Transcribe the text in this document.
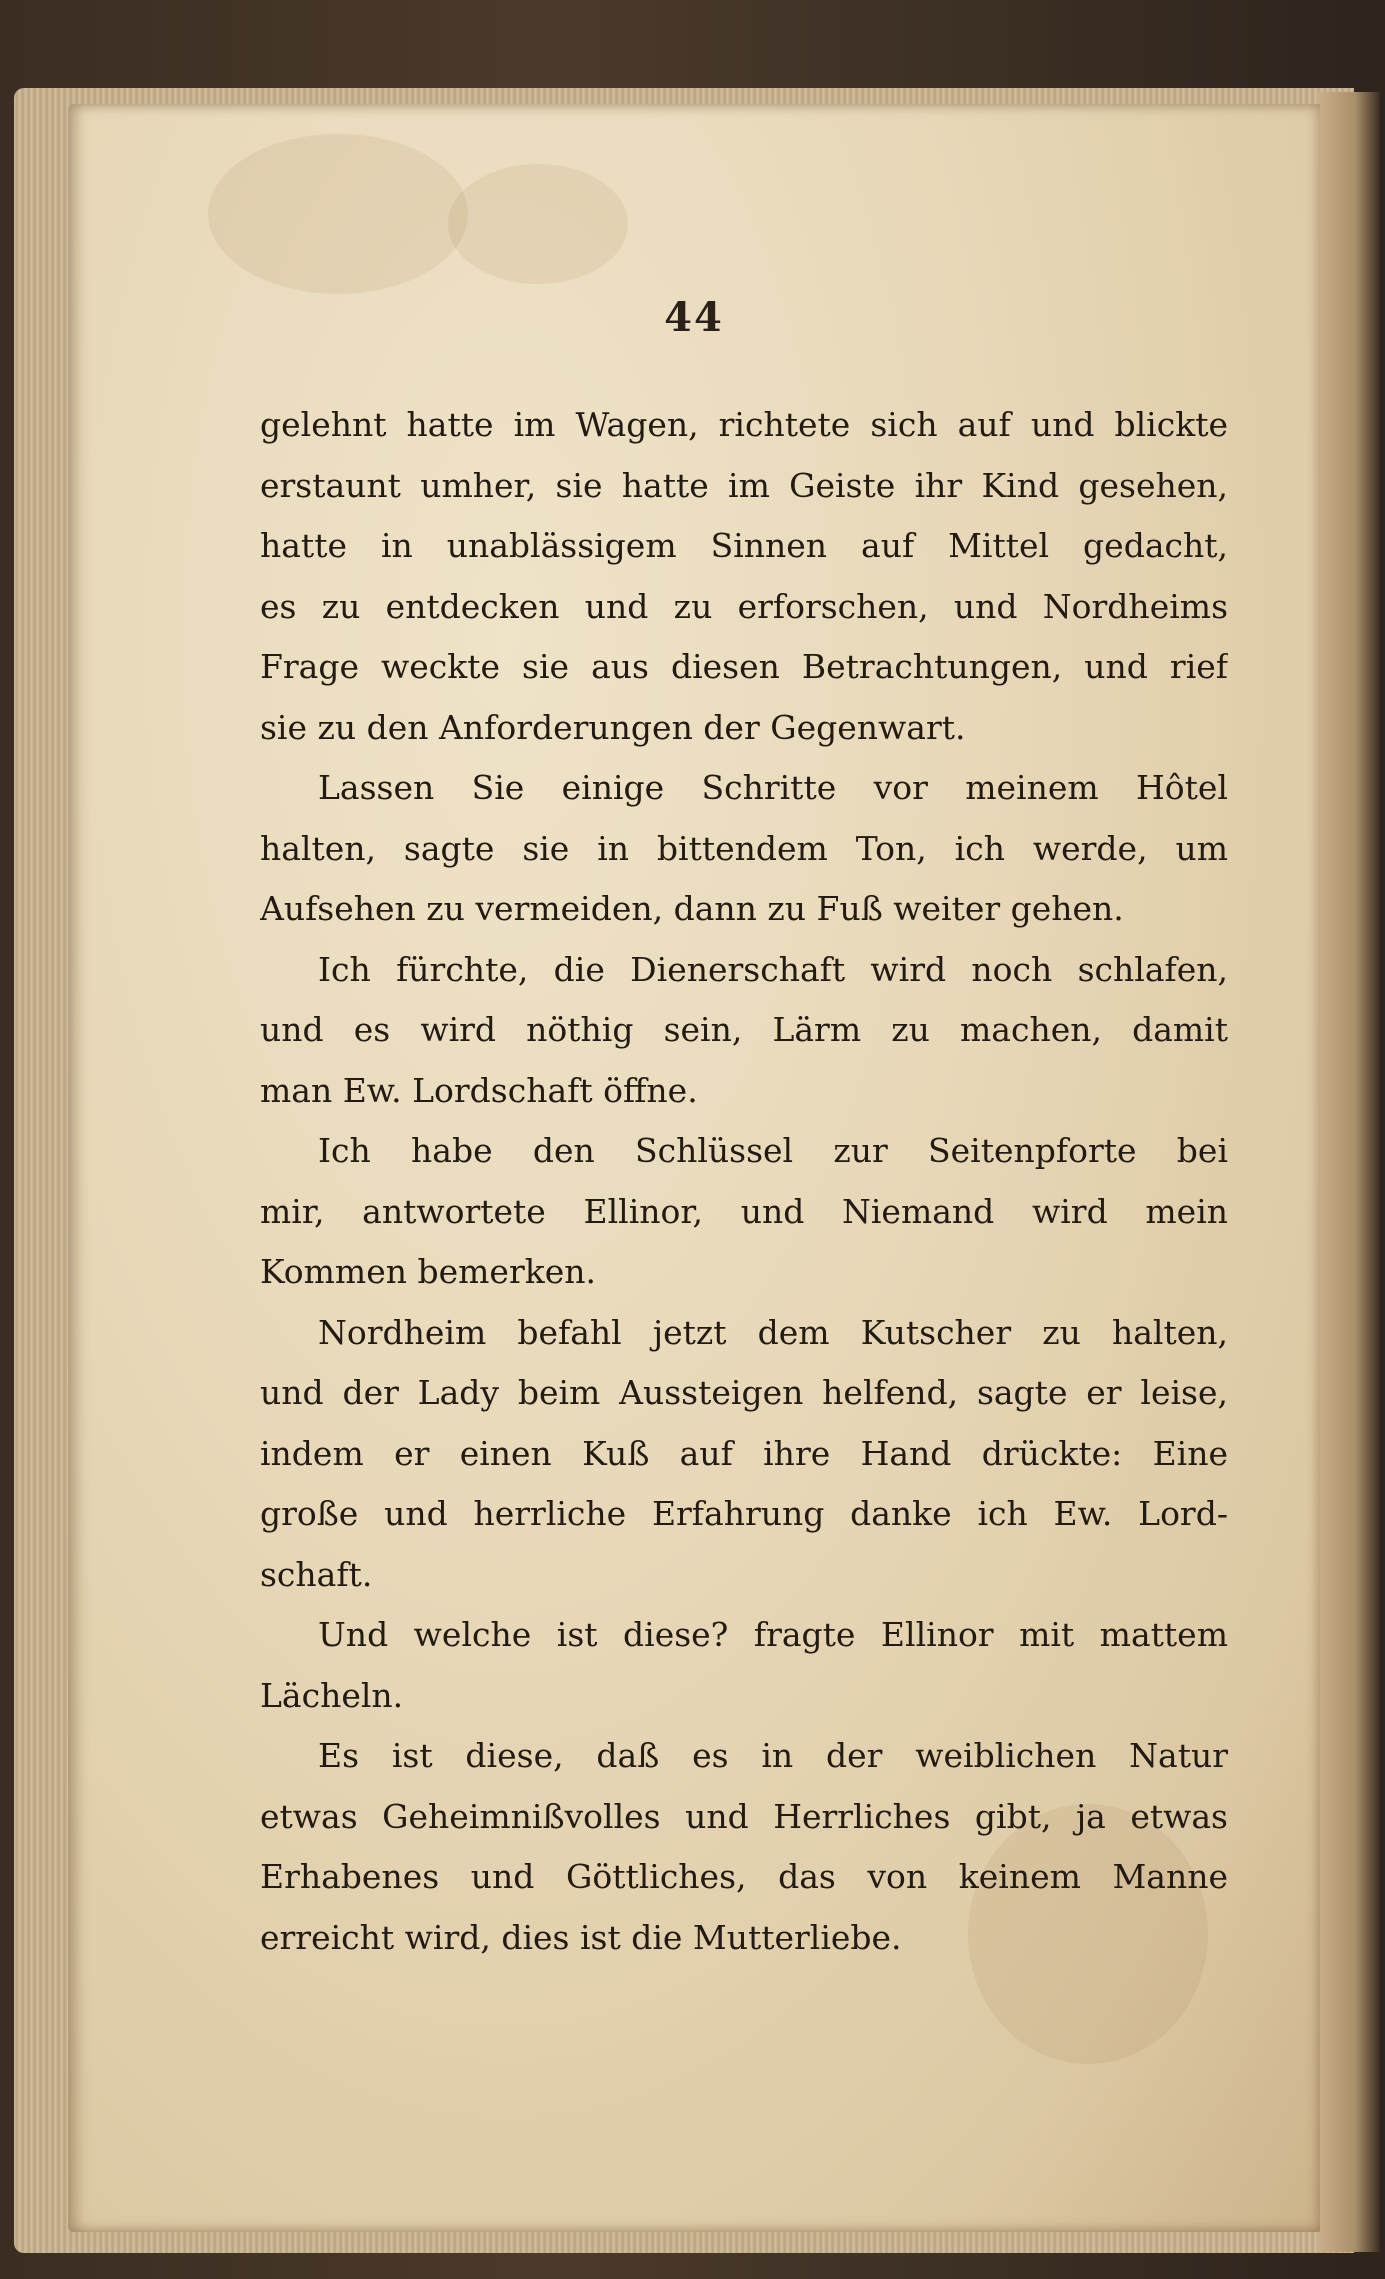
44
gelehnt hatte im Wagen, richtete sich auf und blickte
erstaunt umher, sie hatte im Geiste ihr Kind gesehen,
hatte in unablässigem Sinnen auf Mittel gedacht,
es zu entdecken und zu erforschen, und Nordheims
Frage weckte sie aus diesen Betrachtungen, und rief
sie zu den Anforderungen der Gegenwart.
Lassen Sie einige Schritte vor meinem Hôtel
halten, sagte sie in bittendem Ton, ich werde, um
Aufsehen zu vermeiden, dann zu Fuß weiter gehen.
Ich fürchte, die Dienerschaft wird noch schlafen,
und es wird nöthig sein, Lärm zu machen, damit
man Ew. Lordschaft öffne.
Ich habe den Schlüssel zur Seitenpforte bei
mir, antwortete Ellinor, und Niemand wird mein
Kommen bemerken.
Nordheim befahl jetzt dem Kutscher zu halten,
und der Lady beim Aussteigen helfend, sagte er leise,
indem er einen Kuß auf ihre Hand drückte: Eine
große und herrliche Erfahrung danke ich Ew. Lord-
schaft.
Und welche ist diese? fragte Ellinor mit mattem
Lächeln.
Es ist diese, daß es in der weiblichen Natur
etwas Geheimnißvolles und Herrliches gibt, ja etwas
Erhabenes und Göttliches, das von keinem Manne
erreicht wird, dies ist die Mutterliebe.
